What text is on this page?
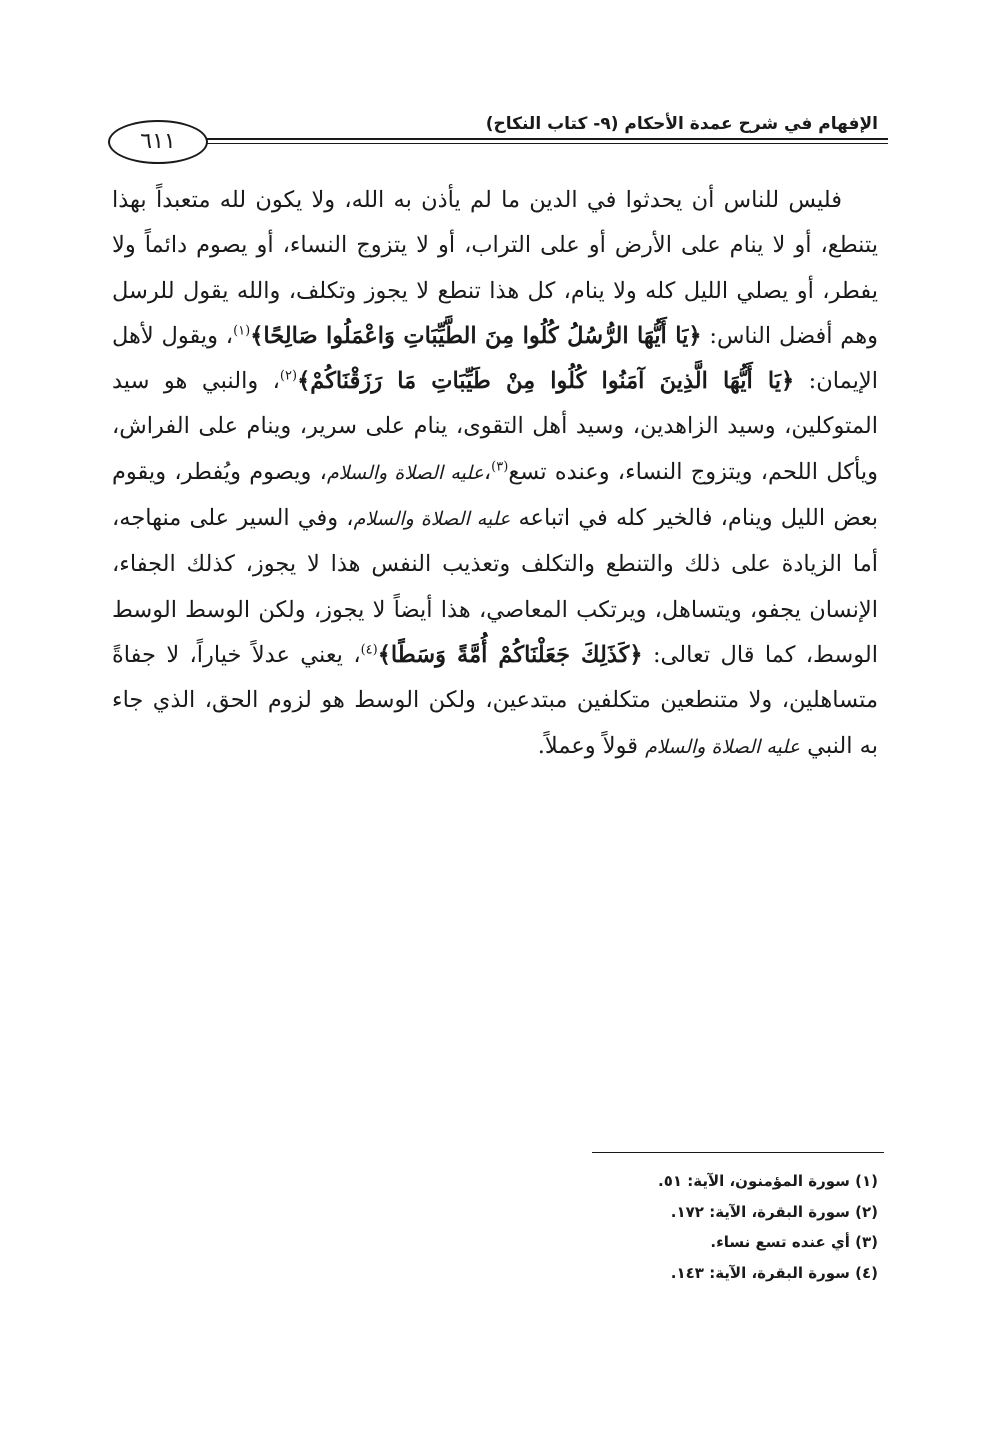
الإفهام في شرح عمدة الأحكام (٩- كتاب النكاح)
٦١١

فليس للناس أن يحدثوا في الدين ما لم يأذن به الله، ولا يكون لله متعبداً بهذا يتنطع، أو لا ينام على الأرض أو على التراب، أو لا يتزوج النساء، أو يصوم دائماً ولا يفطر، أو يصلي الليل كله ولا ينام، كل هذا تنطع لا يجوز وتكلف، والله يقول للرسل وهم أفضل الناس: ﴿يَا أَيُّهَا الرُّسُلُ كُلُوا مِنَ الطَّيِّبَاتِ وَاعْمَلُوا صَالِحًا﴾$^{(١)}$، ويقول لأهل الإيمان: ﴿يَا أَيُّهَا الَّذِينَ آمَنُوا كُلُوا مِنْ طَيِّبَاتِ مَا رَزَقْنَاكُمْ﴾$^{(٢)}$، والنبي هو سيد المتوكلين، وسيد الزاهدين، وسيد أهل التقوى، ينام على سرير، وينام على الفراش، ويأكل اللحم، ويتزوج النساء، وعنده تسع$^{(٣)}$،عليه الصلاة والسلام، ويصوم ويُفطر، ويقوم بعض الليل وينام، فالخير كله في اتباعه عليه الصلاة والسلام، وفي السير على منهاجه، أما الزيادة على ذلك والتنطع والتكلف وتعذيب النفس هذا لا يجوز، كذلك الجفاء، الإنسان يجفو، ويتساهل، ويرتكب المعاصي، هذا أيضاً لا يجوز، ولكن الوسط الوسط الوسط، كما قال تعالى: ﴿كَذَلِكَ جَعَلْنَاكُمْ أُمَّةً وَسَطًا﴾$^{(٤)}$، يعني عدلاً خياراً، لا جفاةً متساهلين، ولا متنطعين متكلفين مبتدعين، ولكن الوسط هو لزوم الحق، الذي جاء به النبي عليه الصلاة والسلام قولاً وعملاً.

(١) سورة المؤمنون، الآية: ٥١.
(٢) سورة البقرة، الآية: ١٧٢.
(٣) أي عنده تسع نساء.
(٤) سورة البقرة، الآية: ١٤٣.
